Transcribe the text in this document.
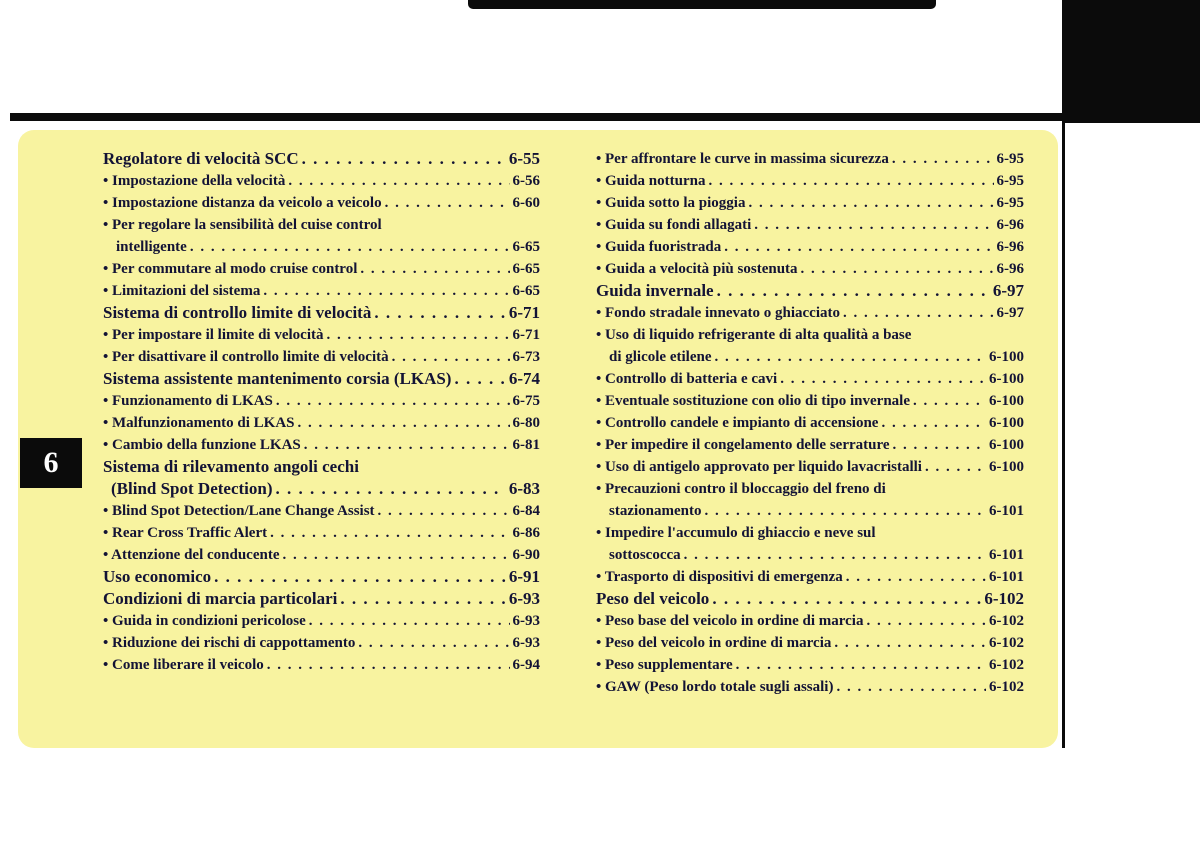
6
Regolatore di velocità SCC . . .	6-55
• Impostazione della velocità . . .	6-56
• Impostazione distanza da veicolo a veicolo . . .	6-60
• Per regolare la sensibilità del cuise control
intelligente . . .	6-65
• Per commutare al modo cruise control . . .	6-65
• Limitazioni del sistema . . .	6-65
Sistema di controllo limite di velocità . . .	6-71
• Per impostare il limite di velocità . . .	6-71
• Per disattivare il controllo limite di velocità . . .	6-73
Sistema assistente mantenimento corsia (LKAS) . . .	6-74
• Funzionamento di LKAS . . .	6-75
• Malfunzionamento di LKAS . . .	6-80
• Cambio della funzione LKAS . . .	6-81
Sistema di rilevamento angoli cechi
(Blind Spot Detection) . . .	6-83
• Blind Spot Detection/Lane Change Assist . . .	6-84
• Rear Cross Traffic Alert . . .	6-86
• Attenzione del conducente . . .	6-90
Uso economico . . .	6-91
Condizioni di marcia particolari . . .	6-93
• Guida in condizioni pericolose . . .	6-93
• Riduzione dei rischi di cappottamento . . .	6-93
• Come liberare il veicolo . . .	6-94
• Per affrontare le curve in massima sicurezza . . .	6-95
• Guida notturna . . .	6-95
• Guida sotto la pioggia . . .	6-95
• Guida su fondi allagati . . .	6-96
• Guida fuoristrada . . .	6-96
• Guida a velocità più sostenuta . . .	6-96
Guida invernale . . .	6-97
• Fondo stradale innevato o ghiacciato . . .	6-97
• Uso di liquido refrigerante di alta qualità a base
di glicole etilene . . .	6-100
• Controllo di batteria e cavi . . .	6-100
• Eventuale sostituzione con olio di tipo invernale . . .	6-100
• Controllo candele e impianto di accensione . . .	6-100
• Per impedire il congelamento delle serrature . . .	6-100
• Uso di antigelo approvato per liquido lavacristalli . . .	6-100
• Precauzioni contro il bloccaggio del freno di
stazionamento . . .	6-101
• Impedire l'accumulo di ghiaccio e neve sul
sottoscocca . . .	6-101
• Trasporto di dispositivi di emergenza . . .	6-101
Peso del veicolo . . .	6-102
• Peso base del veicolo in ordine di marcia . . .	6-102
• Peso del veicolo in ordine di marcia . . .	6-102
• Peso supplementare . . .	6-102
• GAW (Peso lordo totale sugli assali) . . .	6-102
